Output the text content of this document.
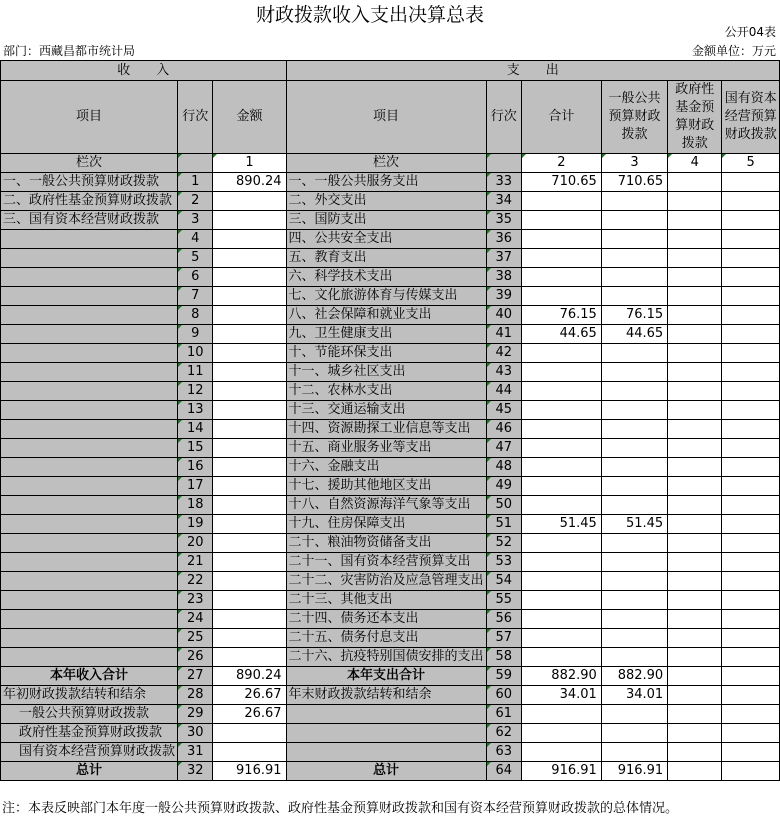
财政拨款收入支出决算总表
公开04表
部门：西藏昌都市统计局	金额单位：万元
收　　入			支　　出					
项目	行次	金额	项目	行次	合计	一般公共预算财政拨款	政府性基金预算财政拨款	国有资本经营预算财政拨款
栏次		1	栏次		2	3	4	5
一、一般公共预算财政拨款	1	890.24	一、一般公共服务支出	33	710.65	710.65		
二、政府性基金预算财政拨款	2		二、外交支出	34				
三、国有资本经营财政拨款	3		三、国防支出	35				
	4		四、公共安全支出	36				
	5		五、教育支出	37				
	6		六、科学技术支出	38				
	7		七、文化旅游体育与传媒支出	39				
	8		八、社会保障和就业支出	40	76.15	76.15		
	9		九、卫生健康支出	41	44.65	44.65		
	10		十、节能环保支出	42				
	11		十一、城乡社区支出	43				
	12		十二、农林水支出	44				
	13		十三、交通运输支出	45				
	14		十四、资源勘探工业信息等支出	46				
	15		十五、商业服务业等支出	47				
	16		十六、金融支出	48				
	17		十七、援助其他地区支出	49				
	18		十八、自然资源海洋气象等支出	50				
	19		十九、住房保障支出	51	51.45	51.45		
	20		二十、粮油物资储备支出	52				
	21		二十一、国有资本经营预算支出	53				
	22		二十二、灾害防治及应急管理支出	54				
	23		二十三、其他支出	55				
	24		二十四、债务还本支出	56				
	25		二十五、债务付息支出	57				
	26		二十六、抗疫特别国债安排的支出	58				
本年收入合计	27	890.24	本年支出合计	59	882.90	882.90		
年初财政拨款结转和结余	28	26.67	年末财政拨款结转和结余	60	34.01	34.01		
一般公共预算财政拨款	29	26.67		61				
政府性基金预算财政拨款	30			62				
国有资本经营预算财政拨款	31			63				
总计	32	916.91	总计	64	916.91	916.91		
注：本表反映部门本年度一般公共预算财政拨款、政府性基金预算财政拨款和国有资本经营预算财政拨款的总体情况。
